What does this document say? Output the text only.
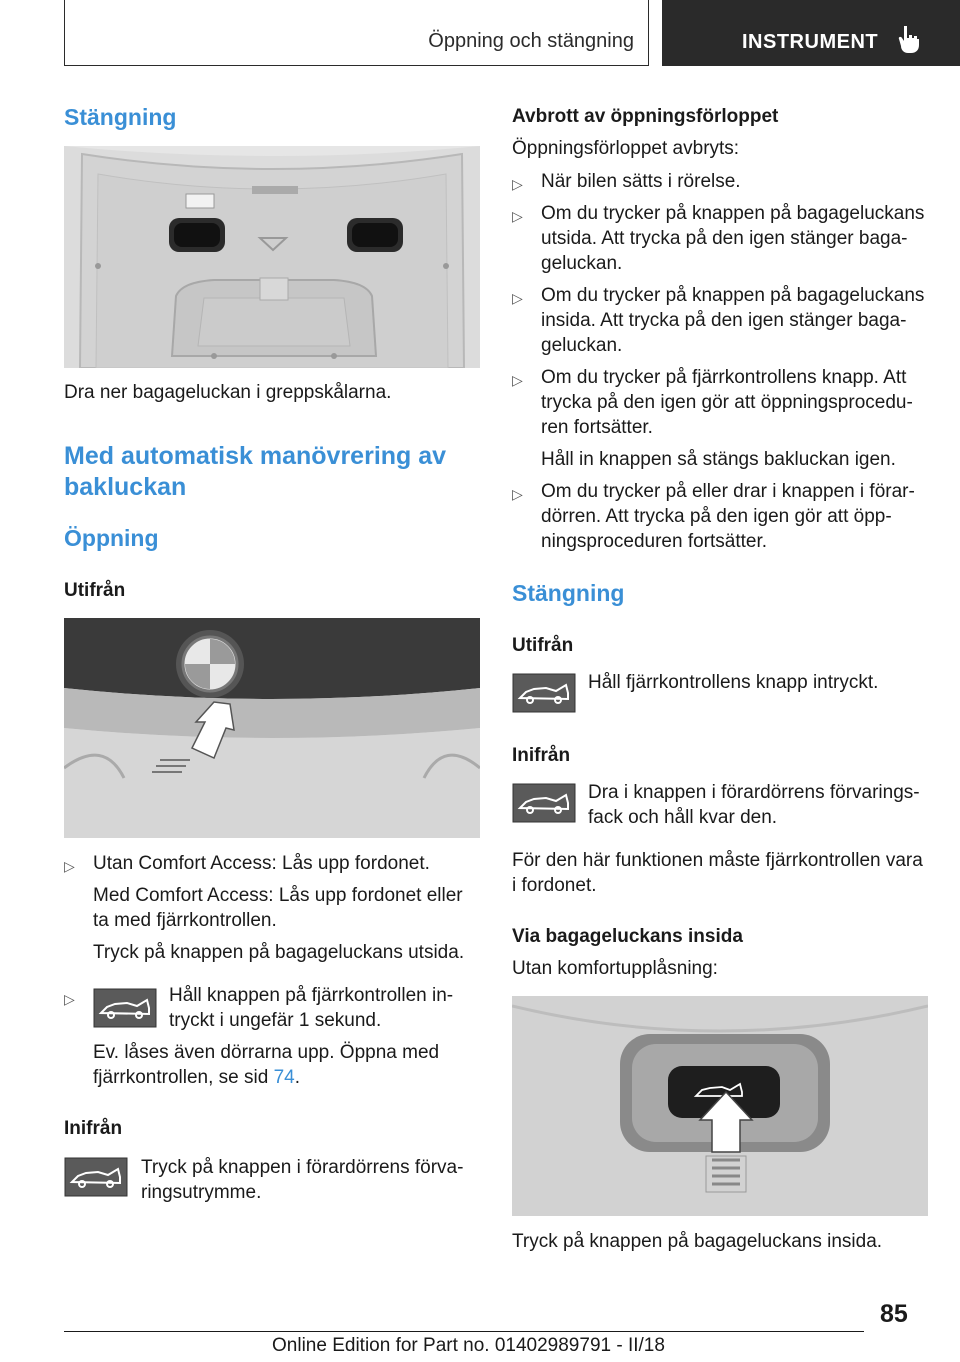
Öppning och stängning	INSTRUMENT
Stängning
Dra ner bagageluckan i greppskålarna.
Med automatisk manövrering av
bakluckan
Öppning
Utifrån
▷ Utan Comfort Access: Lås upp fordonet.
Med Comfort Access: Lås upp fordonet eller
ta med fjärrkontrollen.
Tryck på knappen på bagageluckans utsida.
▷	Håll knappen på fjärrkontrollen in-
tryckt i ungefär 1 sekund.
Ev. låses även dörrarna upp. Öppna med
fjärrkontrollen, se sid 74.
Inifrån
Tryck på knappen i förardörrens förva-
ringsutrymme.
Avbrott av öppningsförloppet
Öppningsförloppet avbryts:
▷ När bilen sätts i rörelse.
▷ Om du trycker på knappen på bagageluckans
utsida. Att trycka på den igen stänger baga-
geluckan.
▷ Om du trycker på knappen på bagageluckans
insida. Att trycka på den igen stänger baga-
geluckan.
▷ Om du trycker på fjärrkontrollens knapp. Att
trycka på den igen gör att öppningsprocedu-
ren fortsätter.
Håll in knappen så stängs bakluckan igen.
▷ Om du trycker på eller drar i knappen i förar-
dörren. Att trycka på den igen gör att öpp-
ningsproceduren fortsätter.
Stängning
Utifrån
Håll fjärrkontrollens knapp intryckt.
Inifrån
Dra i knappen i förardörrens förvarings-
fack och håll kvar den.
För den här funktionen måste fjärrkontrollen vara
i fordonet.
Via bagageluckans insida
Utan komfortupplåsning:
Tryck på knappen på bagageluckans insida.
85
Online Edition for Part no. 01402989791 - II/18
